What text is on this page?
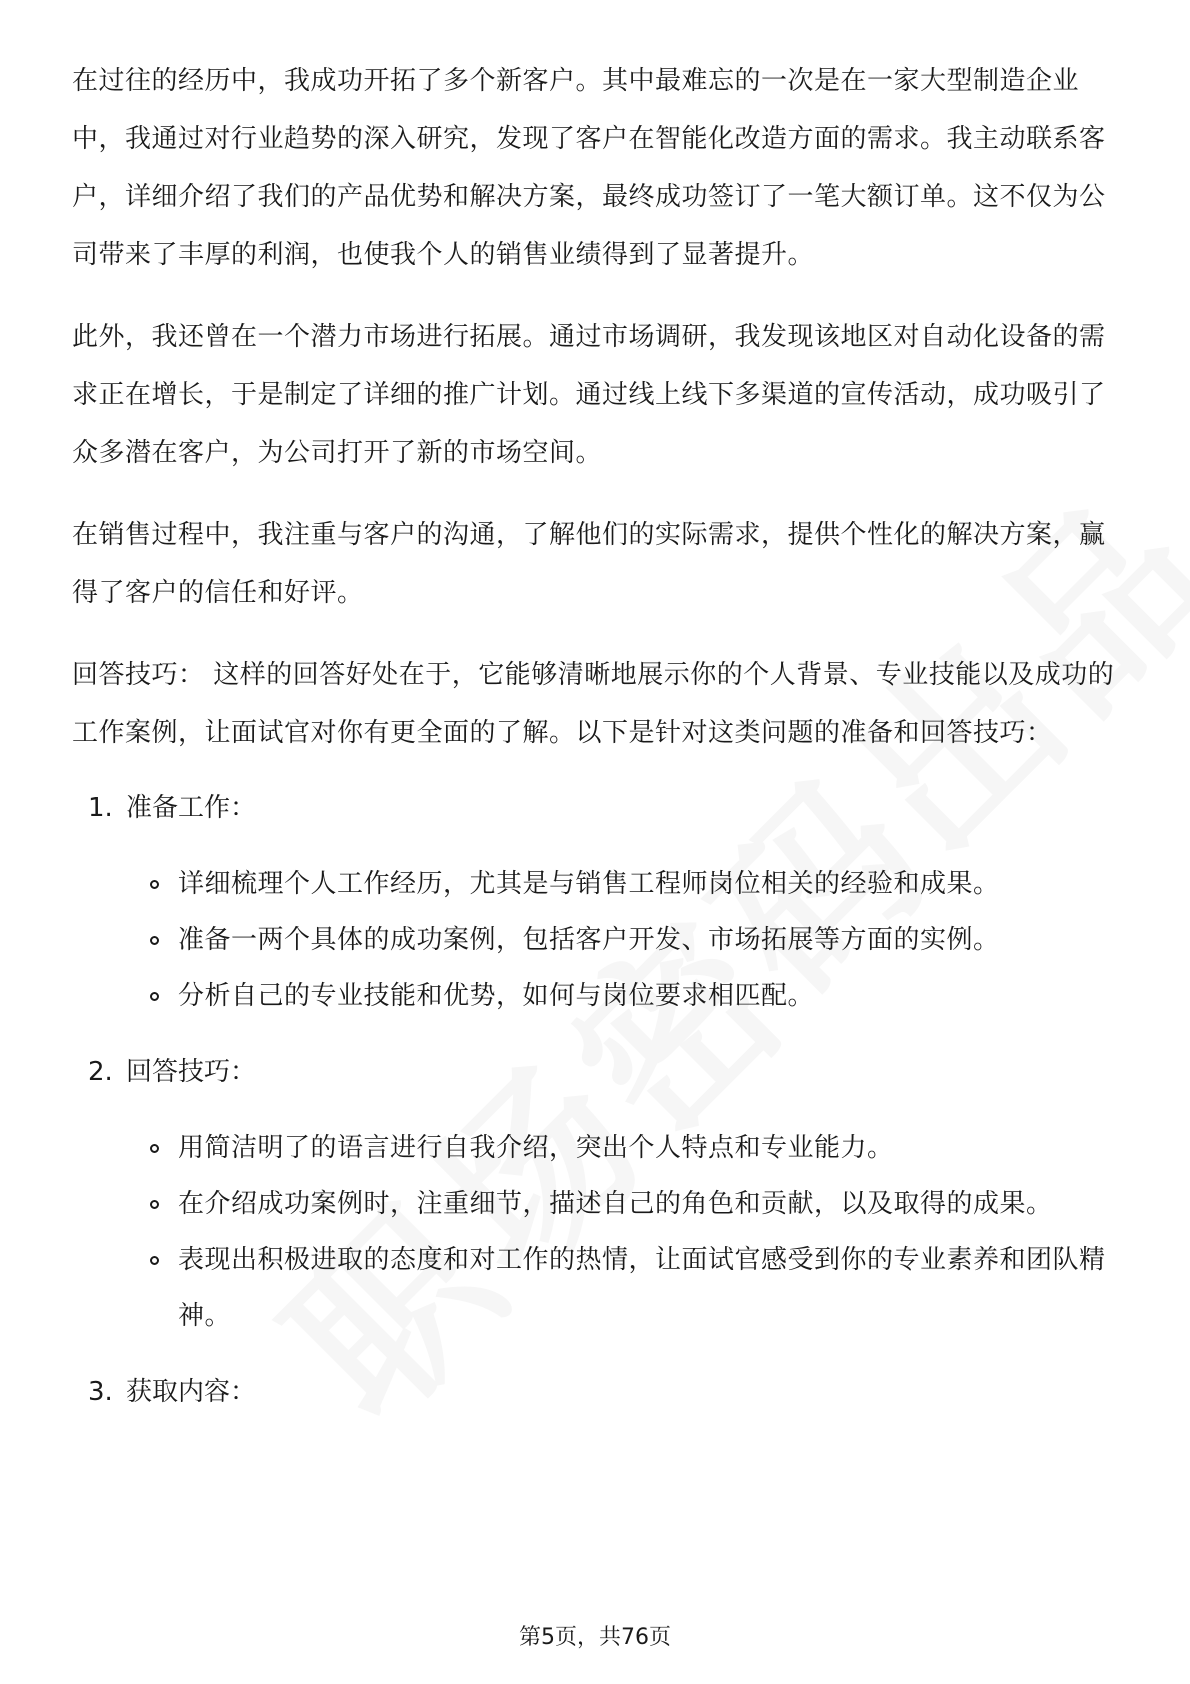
在过往的经历中，我成功开拓了多个新客户。其中最难忘的一次是在一家大型制造企业中，我通过对行业趋势的深入研究，发现了客户在智能化改造方面的需求。我主动联系客户，详细介绍了我们的产品优势和解决方案，最终成功签订了一笔大额订单。这不仅为公司带来了丰厚的利润，也使我个人的销售业绩得到了显著提升。

此外，我还曾在一个潜力市场进行拓展。通过市场调研，我发现该地区对自动化设备的需求正在增长，于是制定了详细的推广计划。通过线上线下多渠道的宣传活动，成功吸引了众多潜在客户，为公司打开了新的市场空间。

在销售过程中，我注重与客户的沟通，了解他们的实际需求，提供个性化的解决方案，赢得了客户的信任和好评。

回答技巧： 这样的回答好处在于，它能够清晰地展示你的个人背景、专业技能以及成功的工作案例，让面试官对你有更全面的了解。以下是针对这类问题的准备和回答技巧：

1. 准备工作：
详细梳理个人工作经历，尤其是与销售工程师岗位相关的经验和成果。
准备一两个具体的成功案例，包括客户开发、市场拓展等方面的实例。
分析自己的专业技能和优势，如何与岗位要求相匹配。
2. 回答技巧：
用简洁明了的语言进行自我介绍，突出个人特点和专业能力。
在介绍成功案例时，注重细节，描述自己的角色和贡献，以及取得的成果。
表现出积极进取的态度和对工作的热情，让面试官感受到你的专业素养和团队精神。
3. 获取内容：
第5页，共76页
